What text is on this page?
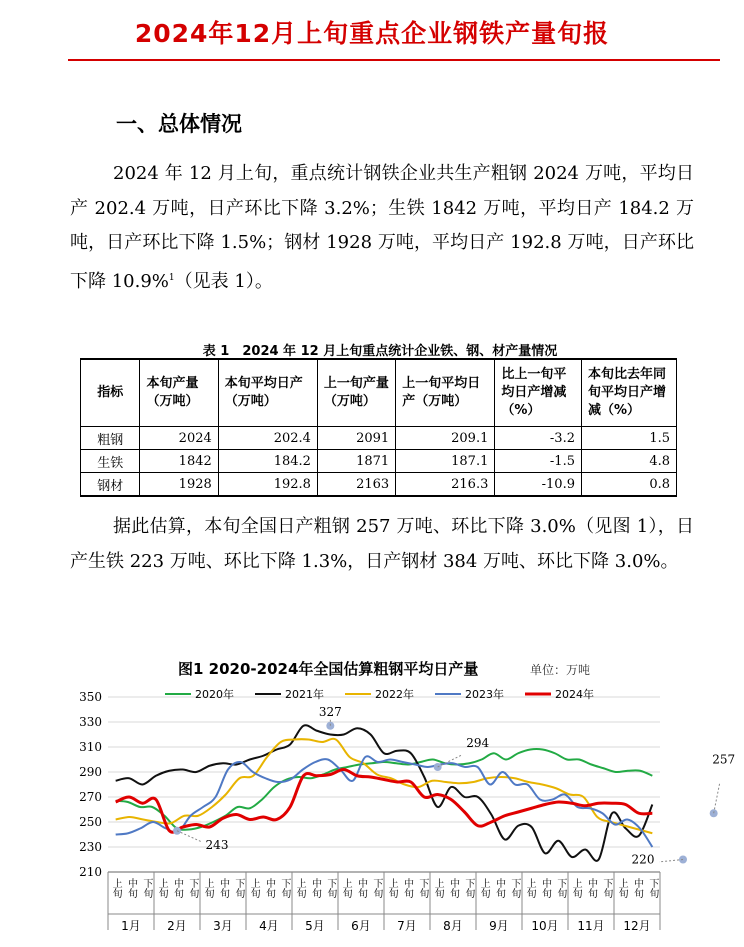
2024年12月上旬重点企业钢铁产量旬报
一、总体情况
2024 年 12 月上旬，重点统计钢铁企业共生产粗钢 2024 万吨，平均日产 202.4 万吨，日产环比下降 3.2%；生铁 1842 万吨，平均日产 184.2 万吨，日产环比下降 1.5%；钢材 1928 万吨，平均日产 192.8 万吨，日产环比下降 10.9%$^1$（见表 1）。
表 1　2024 年 12 月上旬重点统计企业铁、钢、材产量情况
指标	本旬产量（万吨）	本旬平均日产（万吨）	上一旬产量（万吨）	上一旬平均日产（万吨）	比上一旬平均日产增减（%）	本旬比去年同旬平均日产增减（%）
粗钢	2024	202.4	2091	209.1	-3.2	1.5
生铁	1842	184.2	1871	187.1	-1.5	4.8
钢材	1928	192.8	2163	216.3	-10.9	0.8
据此估算，本旬全国日产粗钢 257 万吨、环比下降 3.0%（见图 1），日产生铁 223 万吨、环比下降 1.3%，日产钢材 384 万吨、环比下降 3.0%。
图1 2020-2024年全国估算粗钢平均日产量	单位：万吨
210
230
250
270
290
310
330
350
上旬 中旬 下旬 上旬 中旬 下旬 上旬 中旬 下旬 上旬 中旬 下旬 上旬 中旬 下旬 上旬 中旬 下旬 上旬 中旬 下旬 上旬 中旬 下旬 上旬 中旬 下旬 上旬 中旬 下旬 上旬 中旬 下旬 上旬 中旬 下旬
1月 2月 3月 4月 5月 6月 7月 8月 9月 10月 11月 12月
2020年	2021年	2022年	2023年	2024年
327
294
243
257
220
